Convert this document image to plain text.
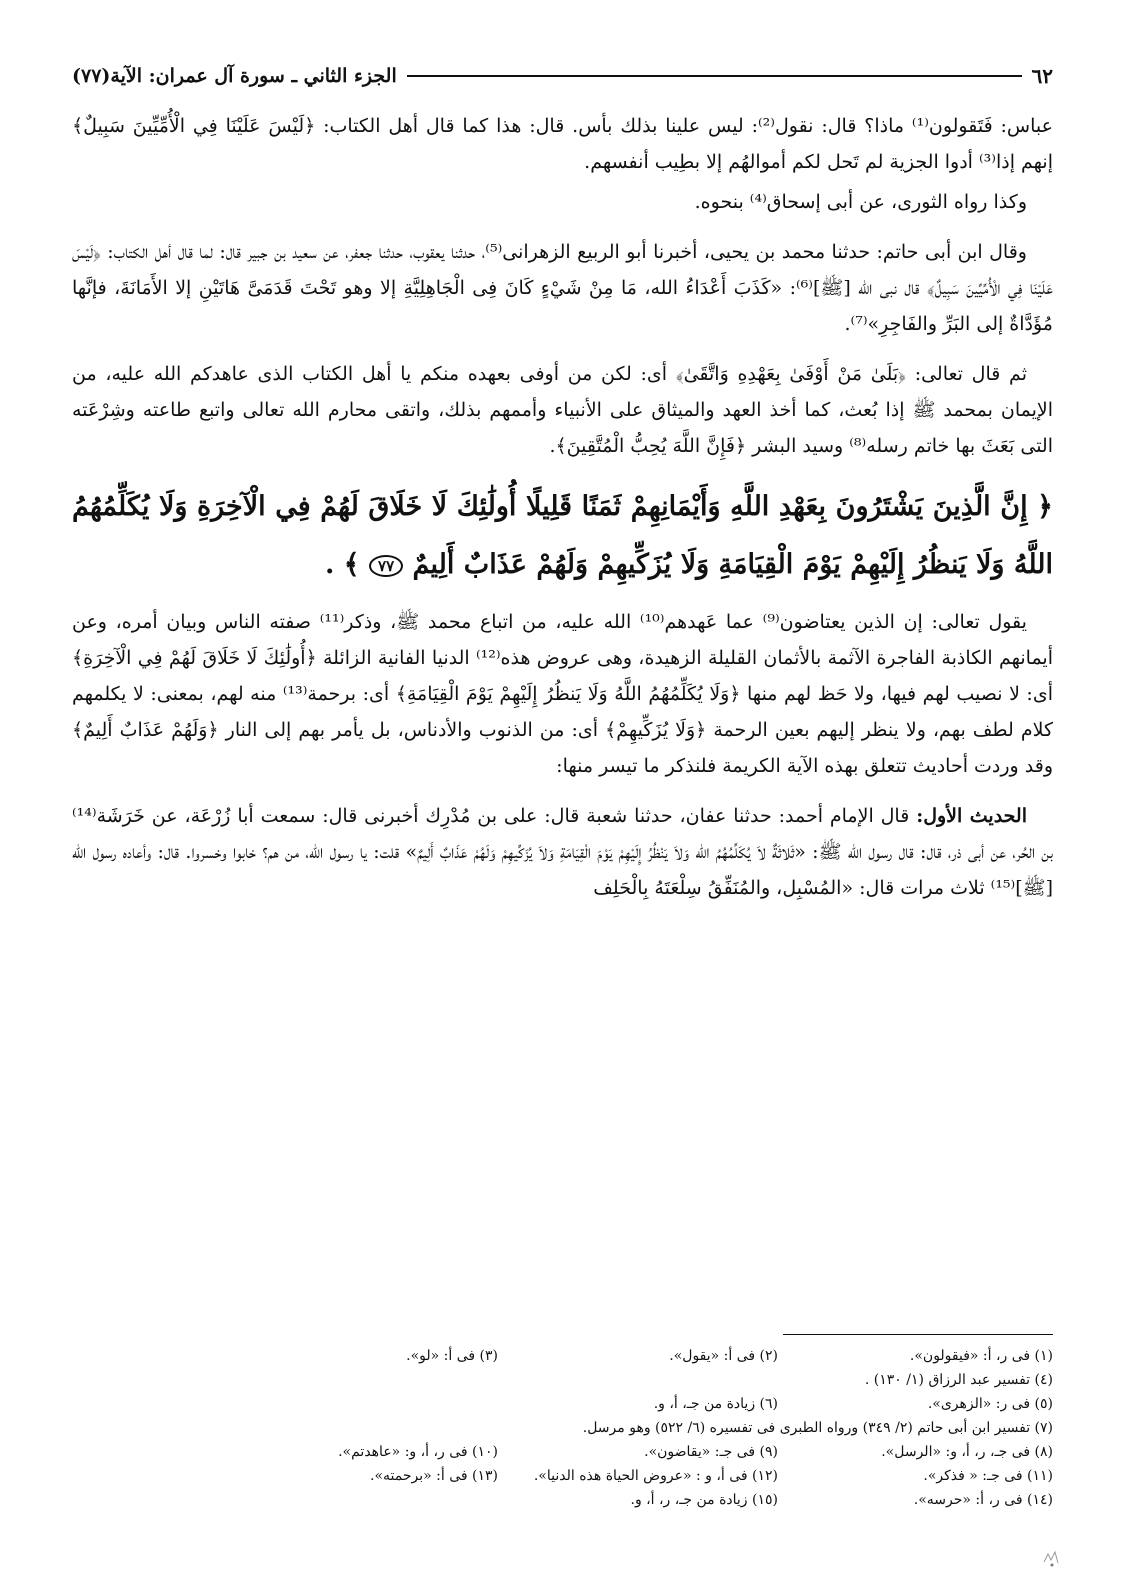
الجزء الثاني ـ سورة آل عمران: الآية(٧٧)	٦٢

عباس: فَتَقولون⁽¹⁾ ماذا؟ قال: نقول⁽²⁾: ليس علينا بذلك بأس. قال: هذا كما قال أهل الكتاب: ﴿لَيْسَ عَلَيْنَا فِي الْأُمِّيِّينَ سَبِيلٌ﴾ إنهم إذا⁽³⁾ أدوا الجزية لم تَحل لكم أموالهُم إلا بطِيب أنفسهم.

وكذا رواه الثورى، عن أبى إسحاق⁽⁴⁾ بنحوه.

وقال ابن أبى حاتم: حدثنا محمد بن يحيى، أخبرنا أبو الربيع الزهرانى⁽⁵⁾، حدثنا يعقوب، حدثنا جعفر، عن سعيد بن جبير قال: لما قال أهل الكتاب: ﴿لَيْسَ عَلَيْنَا فِي الْأُمِّيِّينَ سَبِيلٌ﴾ قال نبى الله [ﷺ]⁽⁶⁾: «كَذَبَ أَعْدَاءُ الله، مَا مِنْ شَيْءٍ كَانَ فِى الْجَاهِلِيَّةِ إلا وهو تَحْتَ قَدَمَىَّ هَاتَيْنِ إلا الأَمَانَةَ، فإنَّها مُؤَدَّاةٌ إلى البَرِّ والفَاجِرِ»⁽⁷⁾.

ثم قال تعالى: ﴿بَلَىٰ مَنْ أَوْفَىٰ بِعَهْدِهِ وَاتَّقَىٰ﴾ أى: لكن من أوفى بعهده منكم يا أهل الكتاب الذى عاهدكم الله عليه، من الإيمان بمحمد ﷺ إذا بُعث، كما أخذ العهد والميثاق على الأنبياء وأممهم بذلك، واتقى محارم الله تعالى واتبع طاعته وشِرْعَته التى بَعَثَ بها خاتم رسله⁽⁸⁾ وسيد البشر ﴿فَإِنَّ اللَّهَ يُحِبُّ الْمُتَّقِينَ﴾.

﴿ إِنَّ الَّذِينَ يَشْتَرُونَ بِعَهْدِ اللَّهِ وَأَيْمَانِهِمْ ثَمَنًا قَلِيلًا أُولَٰئِكَ لَا خَلَاقَ لَهُمْ فِي الْآخِرَةِ وَلَا يُكَلِّمُهُمُ اللَّهُ وَلَا يَنظُرُ إِلَيْهِمْ يَوْمَ الْقِيَامَةِ وَلَا يُزَكِّيهِمْ وَلَهُمْ عَذَابٌ أَلِيمٌ ٧٧ ﴾ .

يقول تعالى: إن الذين يعتاضون⁽⁹⁾ عما عَهدهم⁽¹⁰⁾ الله عليه، من اتباع محمد ﷺ، وذكر⁽¹¹⁾ صفته الناس وبيان أمره، وعن أيمانهم الكاذبة الفاجرة الآثمة بالأثمان القليلة الزهيدة، وهى عروض هذه⁽¹²⁾ الدنيا الفانية الزائلة ﴿أُولَٰئِكَ لَا خَلَاقَ لَهُمْ فِي الْآخِرَةِ﴾ أى: لا نصيب لهم فيها، ولا حَظ لهم منها ﴿وَلَا يُكَلِّمُهُمُ اللَّهُ وَلَا يَنظُرُ إِلَيْهِمْ يَوْمَ الْقِيَامَةِ﴾ أى: برحمة⁽¹³⁾ منه لهم، بمعنى: لا يكلمهم كلام لطف بهم، ولا ينظر إليهم بعين الرحمة ﴿وَلَا يُزَكِّيهِمْ﴾ أى: من الذنوب والأدناس، بل يأمر بهم إلى النار ﴿وَلَهُمْ عَذَابٌ أَلِيمٌ﴾ وقد وردت أحاديث تتعلق بهذه الآية الكريمة فلنذكر ما تيسر منها:

الحديث الأول: قال الإمام أحمد: حدثنا عفان، حدثنا شعبة قال: على بن مُدْرِك أخبرنى قال: سمعت أبا زُرْعَة، عن خَرَشَة⁽¹⁴⁾ بن الحُر، عن أبى ذر، قال: قال رسول الله ﷺ: «ثَلاثَةٌ لاَ يُكَلِّمُهُمُ الله وَلاَ يَنْظُرُ إِلَيْهِمْ يَوْمَ الْقِيَامَةِ وَلاَ يُزَكِّيهِمْ وَلَهُمْ عَذَابٌ أَلِيمٌ» قلت: يا رسول الله، من هم؟ خابوا وخسروا. قال: وأعاده رسول الله [ﷺ]⁽¹⁵⁾ ثلاث مرات قال: «المُسْبِل، والمُنَفِّقُ سِلْعَتَهُ بِالْحَلِف

(١) فى ر، أ: «فيقولون».
(٢) فى أ: «يقول».
(٣) فى أ: «لو».
(٤) تفسير عبد الرزاق (١/ ١٣٠) .
(٥) فى ر: «الزهرى».
(٦) زيادة من جـ، أ، و.
(٧) تفسير ابن أبى حاتم (٢/ ٣٤٩) ورواه الطبرى فى تفسيره (٦/ ٥٢٢) وهو مرسل.
(٨) فى جـ، ر، أ، و: «الرسل».
(٩) فى جـ: «يقاضون».
(١٠) فى ر، أ، و: «عاهدتم».
(١١) فى جـ: « فذكر».
(١٢) فى أ، و : «عروض الحياة هذه الدنيا».
(١٣) فى أ: «برحمته».
(١٤) فى ر، أ: «حرسه».
(١٥) زيادة من جـ، ر، أ، و.
